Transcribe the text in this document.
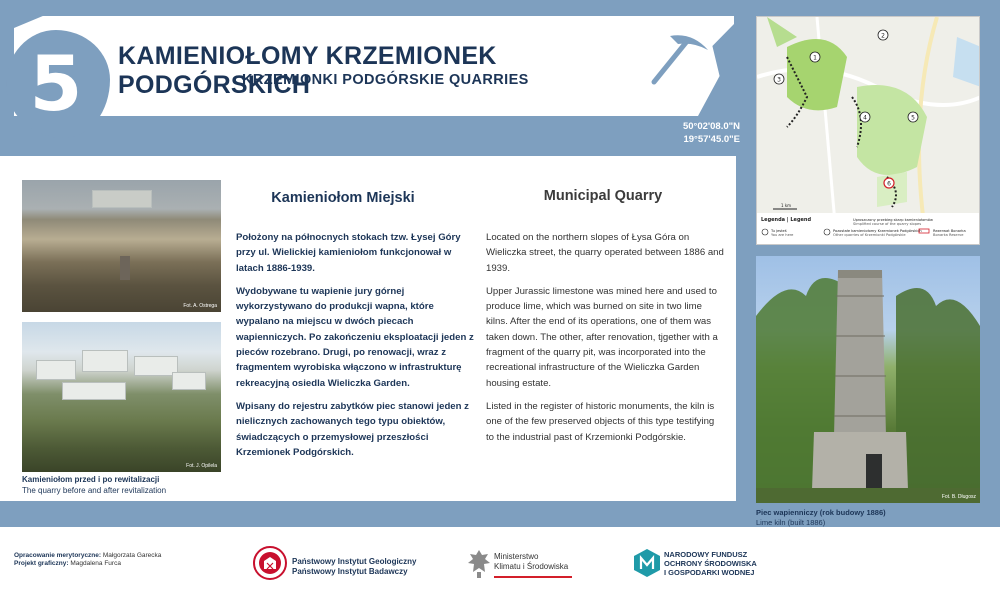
5	KAMIENIOŁOMY KRZEMIONEK PODGÓRSKICH
KRZEMIONKI PODGÓRSKIE QUARRIES
50°02'08.0"N
19°57'45.0"E
Fot. A. Ostrega
Fot. J. Opilela
Kamieniołom przed i po rewitalizacji
The quarry before and after revitalization
Kamieniołom Miejski	Municipal Quarry

Położony na północnych stokach tzw. Łysej Góry przy ul. Wielickiej kamieniołom funkcjonował w latach 1886-1939.

Wydobywane tu wapienie jury górnej wykorzystywano do produkcji wapna, które wypalano na miejscu w dwóch piecach wapienniczych. Po zakończeniu eksploatacji jeden z pieców rozebrano. Drugi, po renowacji, wraz z fragmentem wyrobiska włączono w infrastrukturę rekreacyjną osiedla Wieliczka Garden.

Wpisany do rejestru zabytków piec stanowi jeden z nielicznych zachowanych tego typu obiektów, świadczących o przemysłowej przeszłości Krzemionek Podgórskich.

Located on the northern slopes of Łysa Góra on Wieliczka street, the quarry operated between 1886 and 1939.

Upper Jurassic limestone was mined here and used to produce lime, which was burned on site in two lime kilns. After the end of its operations, one of them was taken down. The other, after renovation, tjgether with a fragment of the quarry pit, was incorporated into the recreational infrastructure of the Wieliczka Garden housing estate.

Listed in the register of historic monuments, the kiln is one of the few preserved objects of this type testifying to the industrial past of Krzemionki Podgórskie.

1
2
3
4	5
6
1 km
Legenda | Legend	Uproszczony przebieg skarp kamieniołomów
Simplified course of the quarry slopes
Tu jesteś
You are here
Pozostałe kamieniołomy Krzemionek Podgórskich
Other quarries of Krzemionki Podgórskie
Rezerwat Bonarka
Bonarka Reserve
Fot. B. Długosz
Piec wapienniczy (rok budowy 1886)
Lime kiln (built 1886)
Opracowanie merytoryczne: Małgorzata Garecka
Projekt graficzny: Magdalena Furca	Państwowy Instytut Geologiczny
Państwowy Instytut Badawczy
Ministerstwo
Klimatu i Środowiska
NARODOWY FUNDUSZ
OCHRONY ŚRODOWISKA
I GOSPODARKI WODNEJ
